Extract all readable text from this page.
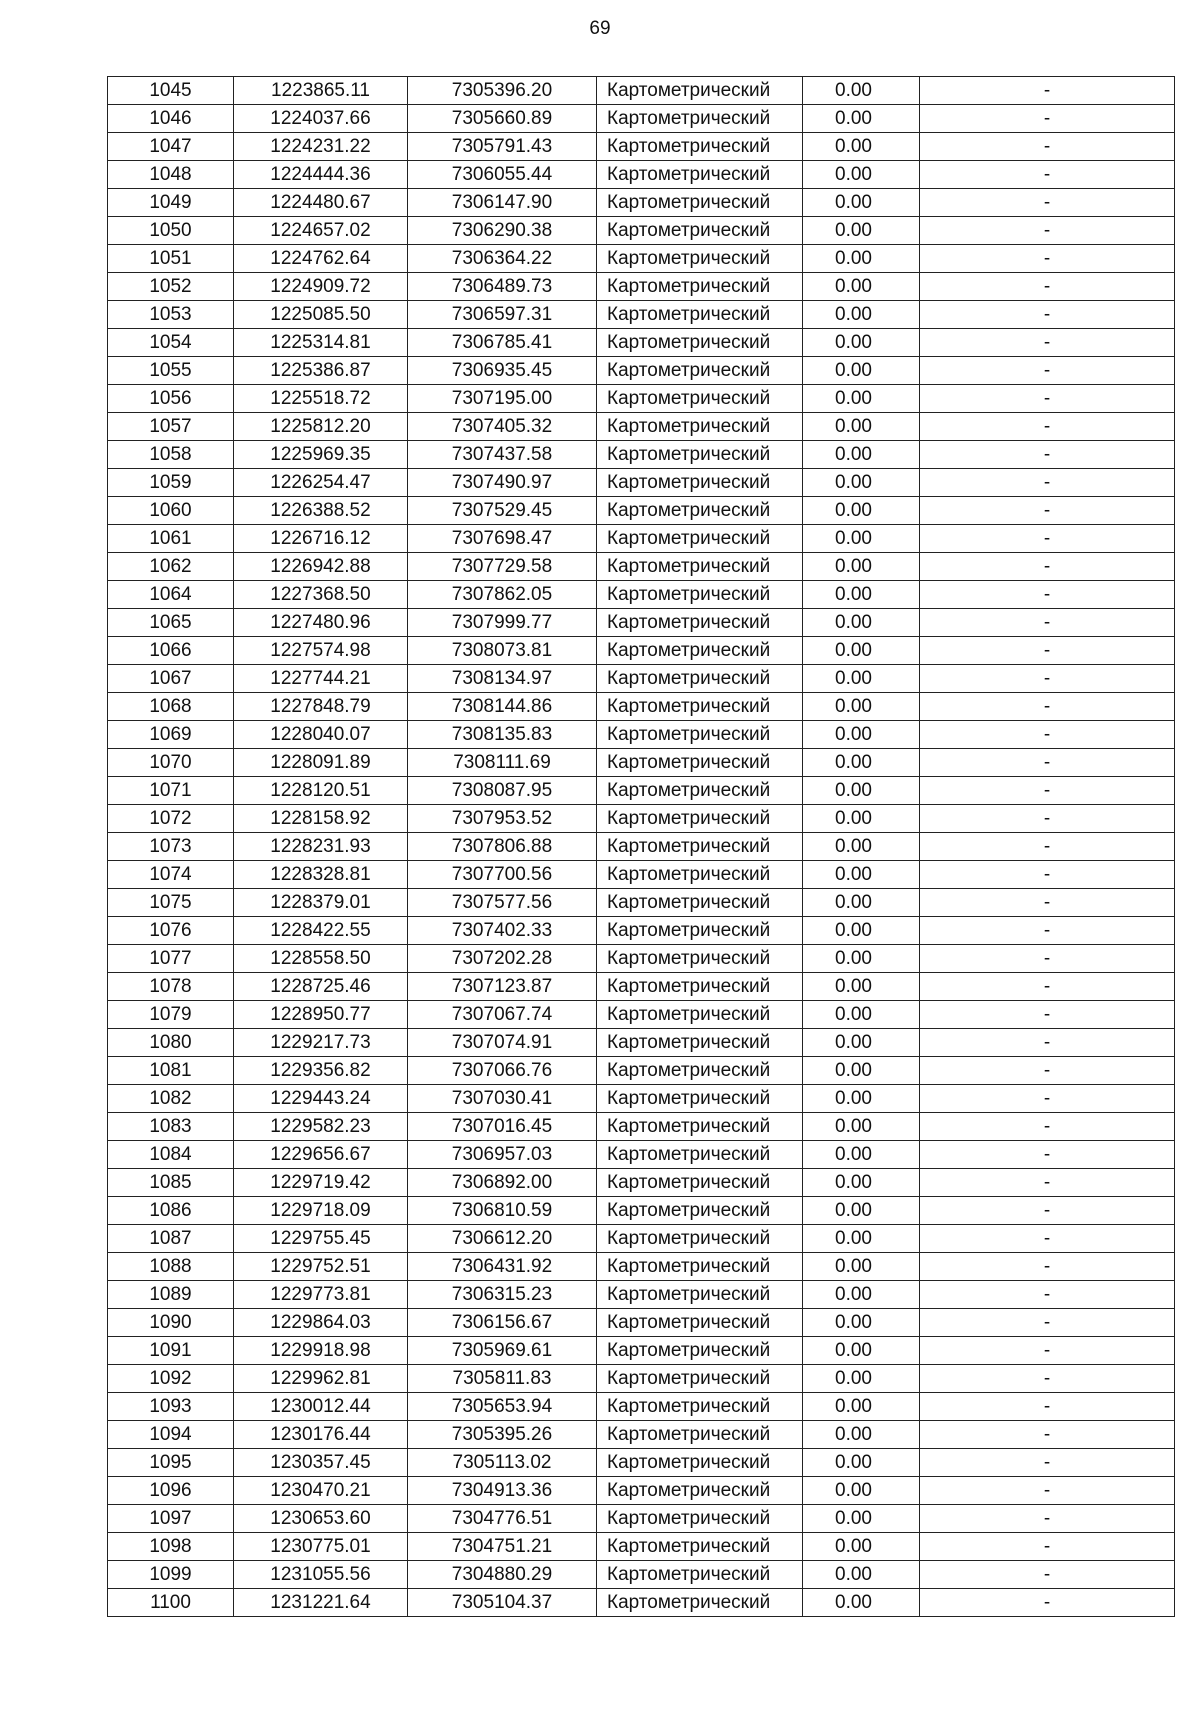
69
1045	1223865.11	7305396.20	Картометрический	0.00	-
1046	1224037.66	7305660.89	Картометрический	0.00	-
1047	1224231.22	7305791.43	Картометрический	0.00	-
1048	1224444.36	7306055.44	Картометрический	0.00	-
1049	1224480.67	7306147.90	Картометрический	0.00	-
1050	1224657.02	7306290.38	Картометрический	0.00	-
1051	1224762.64	7306364.22	Картометрический	0.00	-
1052	1224909.72	7306489.73	Картометрический	0.00	-
1053	1225085.50	7306597.31	Картометрический	0.00	-
1054	1225314.81	7306785.41	Картометрический	0.00	-
1055	1225386.87	7306935.45	Картометрический	0.00	-
1056	1225518.72	7307195.00	Картометрический	0.00	-
1057	1225812.20	7307405.32	Картометрический	0.00	-
1058	1225969.35	7307437.58	Картометрический	0.00	-
1059	1226254.47	7307490.97	Картометрический	0.00	-
1060	1226388.52	7307529.45	Картометрический	0.00	-
1061	1226716.12	7307698.47	Картометрический	0.00	-
1062	1226942.88	7307729.58	Картометрический	0.00	-
1064	1227368.50	7307862.05	Картометрический	0.00	-
1065	1227480.96	7307999.77	Картометрический	0.00	-
1066	1227574.98	7308073.81	Картометрический	0.00	-
1067	1227744.21	7308134.97	Картометрический	0.00	-
1068	1227848.79	7308144.86	Картометрический	0.00	-
1069	1228040.07	7308135.83	Картометрический	0.00	-
1070	1228091.89	7308111.69	Картометрический	0.00	-
1071	1228120.51	7308087.95	Картометрический	0.00	-
1072	1228158.92	7307953.52	Картометрический	0.00	-
1073	1228231.93	7307806.88	Картометрический	0.00	-
1074	1228328.81	7307700.56	Картометрический	0.00	-
1075	1228379.01	7307577.56	Картометрический	0.00	-
1076	1228422.55	7307402.33	Картометрический	0.00	-
1077	1228558.50	7307202.28	Картометрический	0.00	-
1078	1228725.46	7307123.87	Картометрический	0.00	-
1079	1228950.77	7307067.74	Картометрический	0.00	-
1080	1229217.73	7307074.91	Картометрический	0.00	-
1081	1229356.82	7307066.76	Картометрический	0.00	-
1082	1229443.24	7307030.41	Картометрический	0.00	-
1083	1229582.23	7307016.45	Картометрический	0.00	-
1084	1229656.67	7306957.03	Картометрический	0.00	-
1085	1229719.42	7306892.00	Картометрический	0.00	-
1086	1229718.09	7306810.59	Картометрический	0.00	-
1087	1229755.45	7306612.20	Картометрический	0.00	-
1088	1229752.51	7306431.92	Картометрический	0.00	-
1089	1229773.81	7306315.23	Картометрический	0.00	-
1090	1229864.03	7306156.67	Картометрический	0.00	-
1091	1229918.98	7305969.61	Картометрический	0.00	-
1092	1229962.81	7305811.83	Картометрический	0.00	-
1093	1230012.44	7305653.94	Картометрический	0.00	-
1094	1230176.44	7305395.26	Картометрический	0.00	-
1095	1230357.45	7305113.02	Картометрический	0.00	-
1096	1230470.21	7304913.36	Картометрический	0.00	-
1097	1230653.60	7304776.51	Картометрический	0.00	-
1098	1230775.01	7304751.21	Картометрический	0.00	-
1099	1231055.56	7304880.29	Картометрический	0.00	-
1100	1231221.64	7305104.37	Картометрический	0.00	-
